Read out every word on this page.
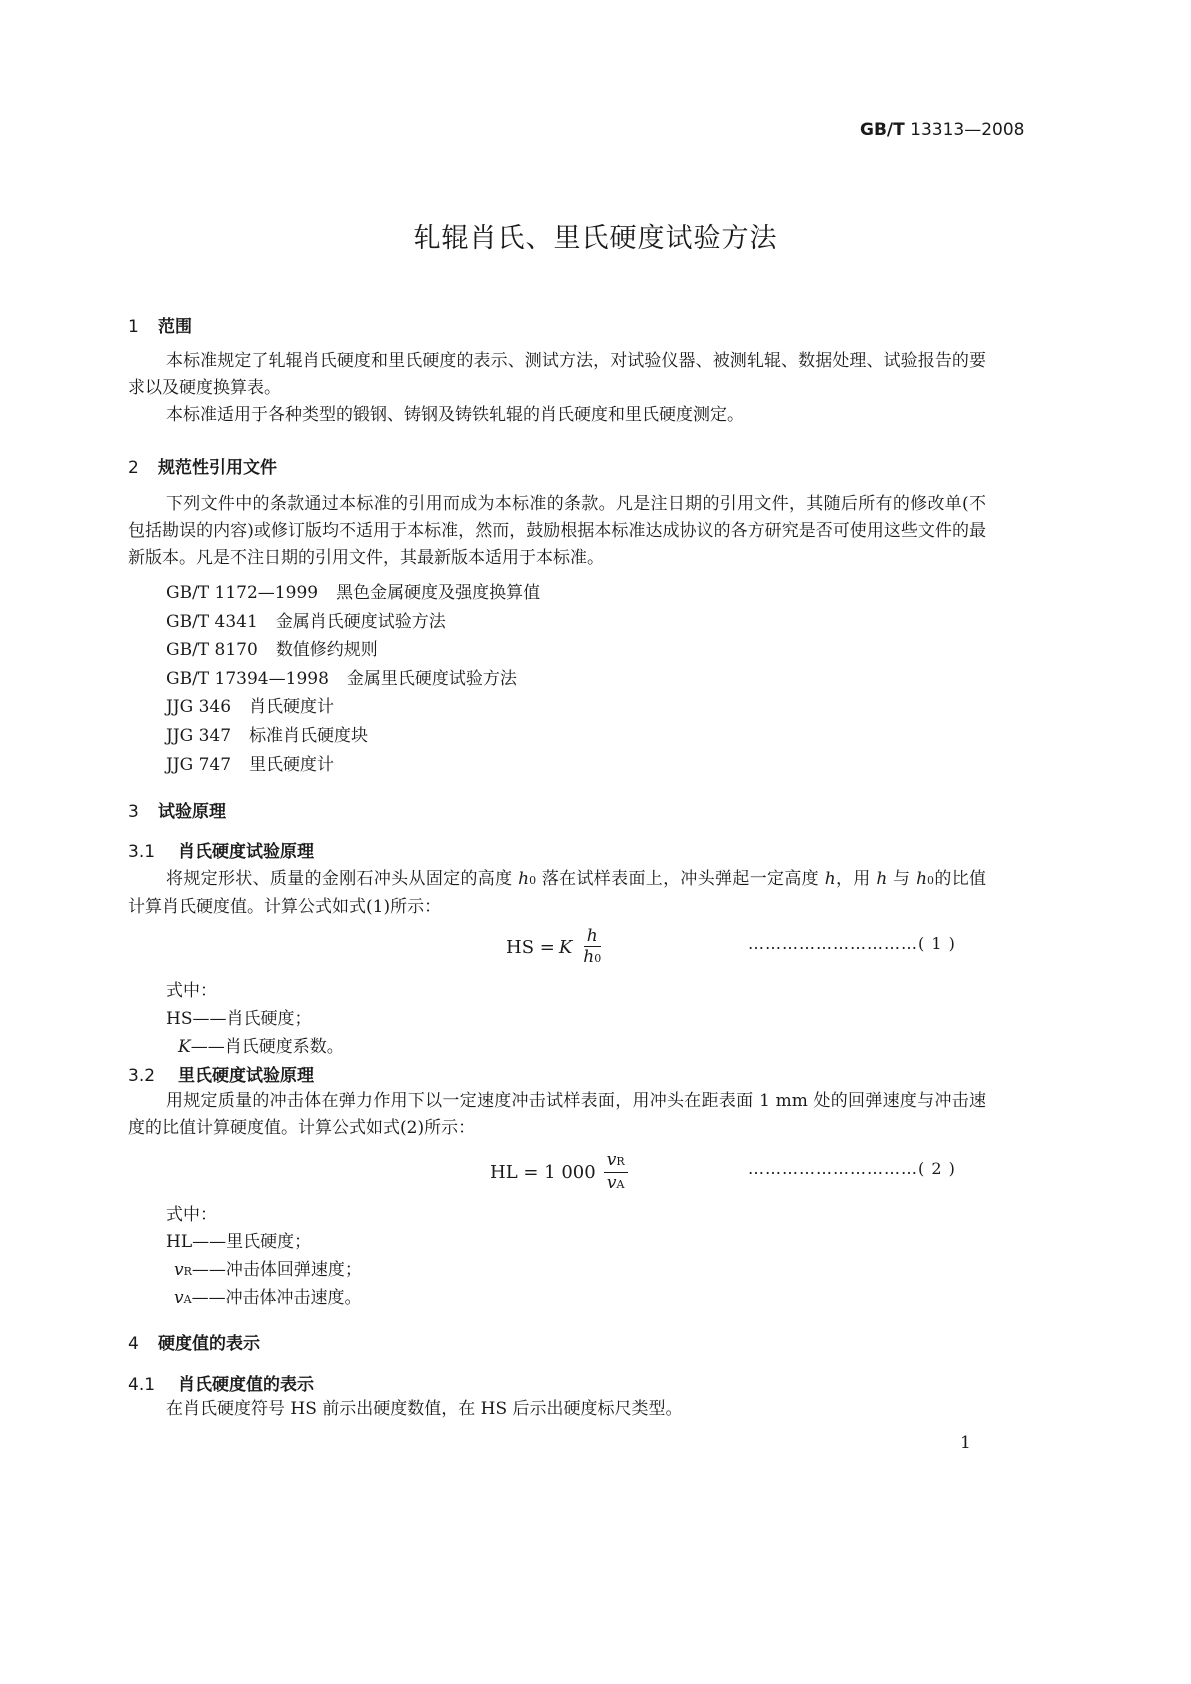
GB/T 13313—2008
轧辊肖氏、里氏硬度试验方法
1 范围
本标准规定了轧辊肖氏硬度和里氏硬度的表示、测试方法，对试验仪器、被测轧辊、数据处理、试验报告的要求以及硬度换算表。
本标准适用于各种类型的锻钢、铸钢及铸铁轧辊的肖氏硬度和里氏硬度测定。
2 规范性引用文件
下列文件中的条款通过本标准的引用而成为本标准的条款。凡是注日期的引用文件，其随后所有的修改单(不包括勘误的内容)或修订版均不适用于本标准，然而，鼓励根据本标准达成协议的各方研究是否可使用这些文件的最新版本。凡是不注日期的引用文件，其最新版本适用于本标准。
GB/T 1172—1999 黑色金属硬度及强度换算值
GB/T 4341 金属肖氏硬度试验方法
GB/T 8170 数值修约规则
GB/T 17394—1998 金属里氏硬度试验方法
JJG 346 肖氏硬度计
JJG 347 标准肖氏硬度块
JJG 747 里氏硬度计
3 试验原理
3.1 肖氏硬度试验原理
将规定形状、质量的金刚石冲头从固定的高度 h0 落在试样表面上，冲头弹起一定高度 h，用 h 与 h0的比值计算肖氏硬度值。计算公式如式(1)所示：
HS = K $\frac{h}{h0}$	…………………………( 1 )
式中：
HS——肖氏硬度；
K——肖氏硬度系数。
3.2 里氏硬度试验原理
用规定质量的冲击体在弹力作用下以一定速度冲击试样表面，用冲头在距表面 1 mm 处的回弹速度与冲击速度的比值计算硬度值。计算公式如式(2)所示：
HL = 1 $000 \frac{vR}{vA}$	…………………………( 2 )
式中：
HL——里氏硬度；
vR——冲击体回弹速度；
vA——冲击体冲击速度。
4 硬度值的表示
4.1 肖氏硬度值的表示
在肖氏硬度符号 HS 前示出硬度数值，在 HS 后示出硬度标尺类型。
1
